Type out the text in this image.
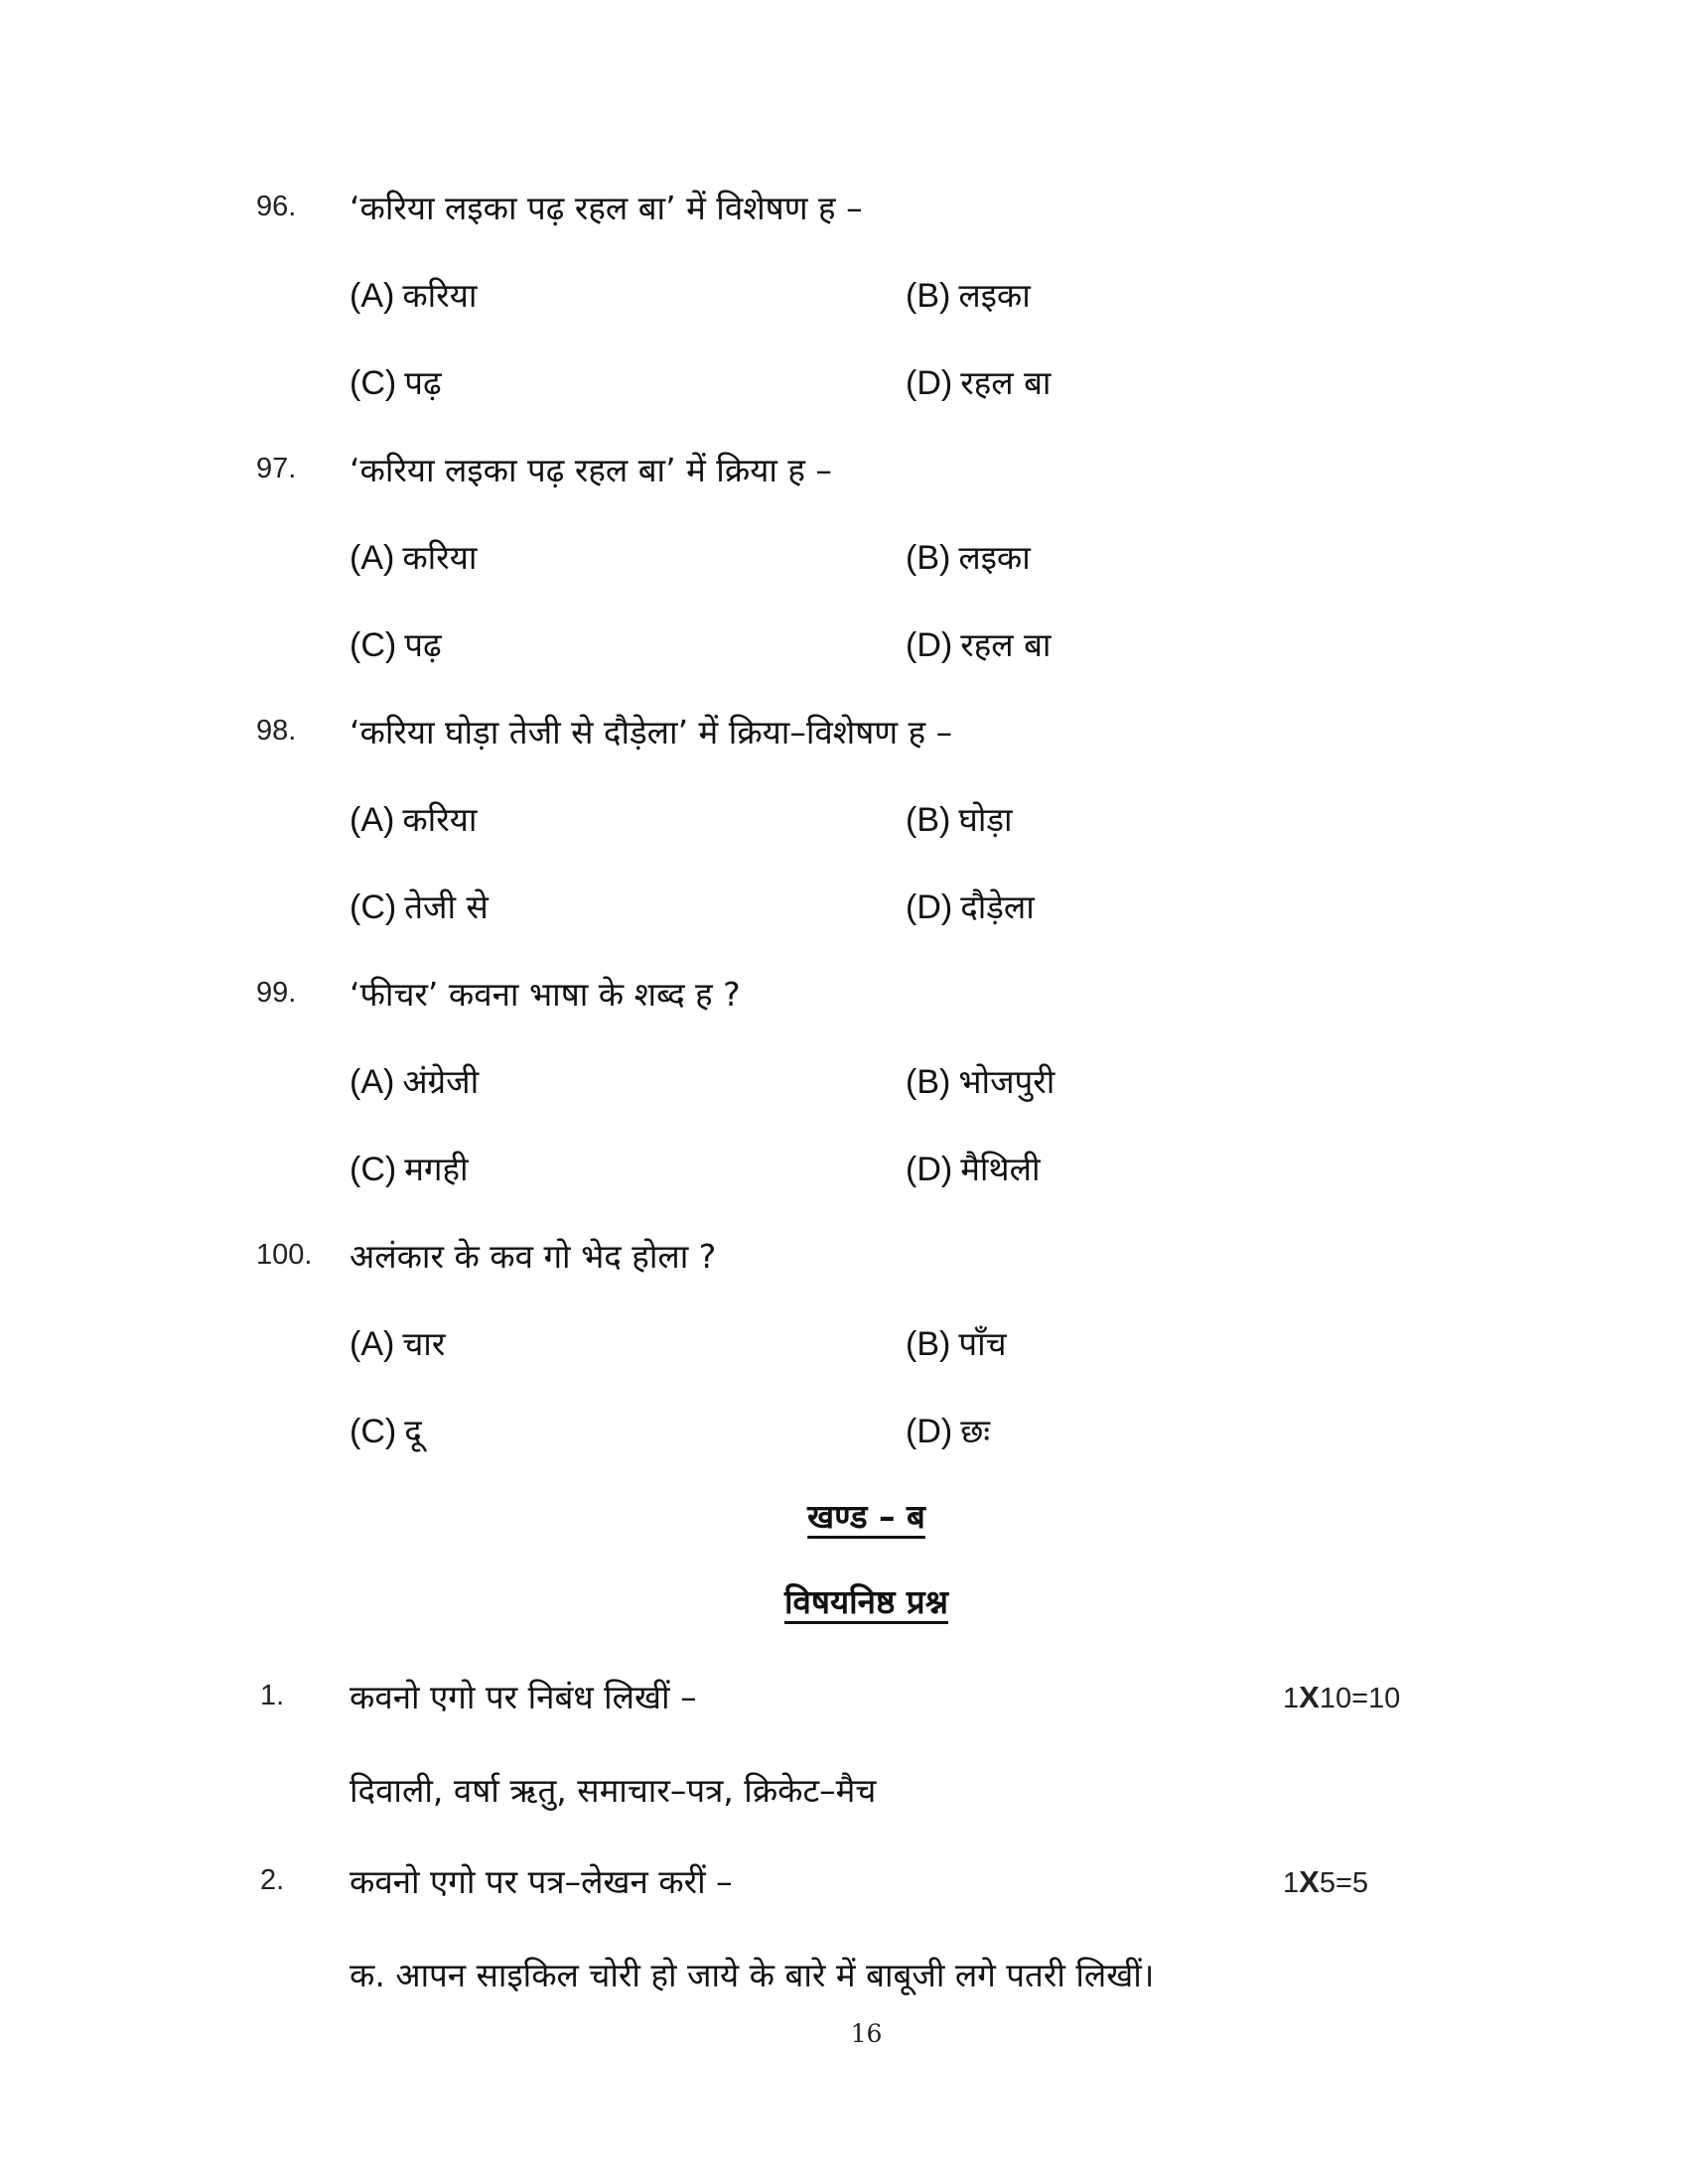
96. ‘करिया लइका पढ़ रहल बा’ में विशेषण ह –
(A) करिया	(B) लइका
(C) पढ़	(D) रहल बा
97. ‘करिया लइका पढ़ रहल बा’ में क्रिया ह –
(A) करिया	(B) लइका
(C) पढ़	(D) रहल बा
98. ‘करिया घोड़ा तेजी से दौड़ेला’ में क्रिया–विशेषण ह –
(A) करिया	(B) घोड़ा
(C) तेजी से	(D) दौड़ेला
99. ‘फीचर’ कवना भाषा के शब्द ह ?
(A) अंग्रेजी	(B) भोजपुरी
(C) मगही	(D) मैथिली
100. अलंकार के कव गो भेद होला ?
(A) चार	(B) पाँच
(C) दू	(D) छः
खण्ड – ब
विषयनिष्ठ प्रश्न
1. कवनो एगो पर निबंध लिखीं –	1X10=10
दिवाली, वर्षा ऋतु, समाचार–पत्र, क्रिकेट–मैच
2. कवनो एगो पर पत्र–लेखन करीं –	1X5=5
क. आपन साइकिल चोरी हो जाये के बारे में बाबूजी लगे पतरी लिखीं।
16
